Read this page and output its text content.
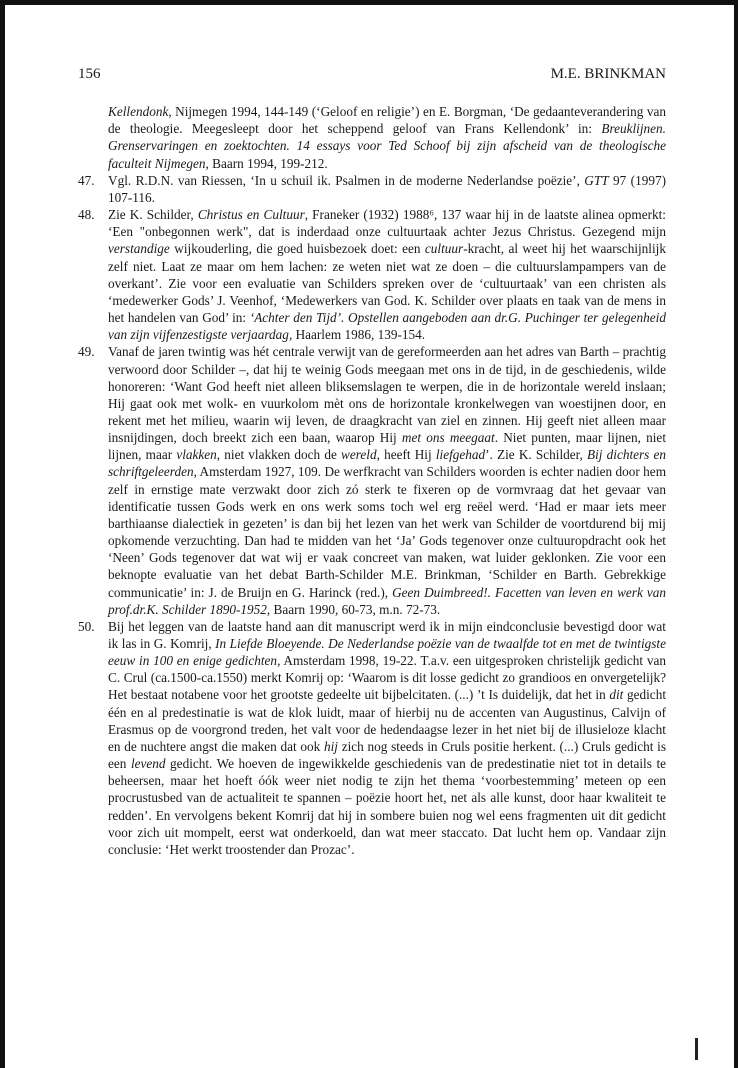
156	M.E. BRINKMAN

Kellendonk, Nijmegen 1994, 144-149 (‘Geloof en religie’) en E. Borgman, ‘De gedaanteverandering van de theologie. Meegesleept door het scheppend geloof van Frans Kellendonk’ in: Breuklijnen. Grenservaringen en zoektochten. 14 essays voor Ted Schoof bij zijn afscheid van de theologische faculteit Nijmegen, Baarn 1994, 199-212.

47. Vgl. R.D.N. van Riessen, ‘In u schuil ik. Psalmen in de moderne Nederlandse poëzie’, GTT 97 (1997) 107-116.

48. Zie K. Schilder, Christus en Cultuur, Franeker (1932) 1988⁶, 137 waar hij in de laatste alinea opmerkt: ‘Een "onbegonnen werk", dat is inderdaad onze cultuurtaak achter Jezus Christus. Gezegend mijn verstandige wijkouderling, die goed huisbezoek doet: een cultuur-kracht, al weet hij het waarschijnlijk zelf niet. Laat ze maar om hem lachen: ze weten niet wat ze doen – die cultuurslampampers van de overkant’. Zie voor een evaluatie van Schilders spreken over de ‘cultuurtaak’ van een christen als ‘medewerker Gods’ J. Veenhof, ‘Medewerkers van God. K. Schilder over plaats en taak van de mens in het handelen van God’ in: ‘Achter den Tijd’. Opstellen aangeboden aan dr.G. Puchinger ter gelegenheid van zijn vijfenzestigste verjaardag, Haarlem 1986, 139-154.

49. Vanaf de jaren twintig was hét centrale verwijt van de gereformeerden aan het adres van Barth – prachtig verwoord door Schilder –, dat hij te weinig Gods meegaan met ons in de tijd, in de geschiedenis, wilde honoreren: ‘Want God heeft niet alleen bliksemslagen te werpen, die in de horizontale wereld inslaan; Hij gaat ook met wolk- en vuurkolom mèt ons de horizontale kronkelwegen van woestijnen door, en rekent met het milieu, waarin wij leven, de draagkracht van ziel en zinnen. Hij geeft niet alleen maar insnijdingen, doch breekt zich een baan, waarop Hij met ons meegaat. Niet punten, maar lijnen, niet lijnen, maar vlakken, niet vlakken doch de wereld, heeft Hij liefgehad’. Zie K. Schilder, Bij dichters en schriftgeleerden, Amsterdam 1927, 109. De werfkracht van Schilders woorden is echter nadien door hem zelf in ernstige mate verzwakt door zich zó sterk te fixeren op de vormvraag dat het gevaar van identificatie tussen Gods werk en ons werk soms toch wel erg reëel werd. ‘Had er maar iets meer barthiaanse dialectiek in gezeten’ is dan bij het lezen van het werk van Schilder de voortdurend bij mij opkomende verzuchting. Dan had te midden van het ‘Ja’ Gods tegenover onze cultuuropdracht ook het ‘Neen’ Gods tegenover dat wat wij er vaak concreet van maken, wat luider geklonken. Zie voor een beknopte evaluatie van het debat Barth-Schilder M.E. Brinkman, ‘Schilder en Barth. Gebrekkige communicatie’ in: J. de Bruijn en G. Harinck (red.), Geen Duimbreed!. Facetten van leven en werk van prof.dr.K. Schilder 1890-1952, Baarn 1990, 60-73, m.n. 72-73.

50. Bij het leggen van de laatste hand aan dit manuscript werd ik in mijn eindconclusie bevestigd door wat ik las in G. Komrij, In Liefde Bloeyende. De Nederlandse poëzie van de twaalfde tot en met de twintigste eeuw in 100 en enige gedichten, Amsterdam 1998, 19-22. T.a.v. een uitgesproken christelijk gedicht van C. Crul (ca.1500-ca.1550) merkt Komrij op: ‘Waarom is dit losse gedicht zo grandioos en onvergetelijk? Het bestaat notabene voor het grootste gedeelte uit bijbelcitaten. (...) ’t Is duidelijk, dat het in dit gedicht één en al predestinatie is wat de klok luidt, maar of hierbij nu de accenten van Augustinus, Calvijn of Erasmus op de voorgrond treden, het valt voor de hedendaagse lezer in het niet bij de illusieloze klacht en de nuchtere angst die maken dat ook hij zich nog steeds in Cruls positie herkent. (...) Cruls gedicht is een levend gedicht. We hoeven de ingewikkelde geschiedenis van de predestinatie niet tot in details te beheersen, maar het hoeft óók weer niet nodig te zijn het thema ‘voorbestemming’ meteen op een procrustusbed van de actualiteit te spannen – poëzie hoort het, net als alle kunst, door haar kwaliteit te redden’. En vervolgens bekent Komrij dat hij in sombere buien nog wel eens fragmenten uit dit gedicht voor zich uit mompelt, eerst wat onderkoeld, dan wat meer staccato. Dat lucht hem op. Vandaar zijn conclusie: ‘Het werkt troostender dan Prozac’.
